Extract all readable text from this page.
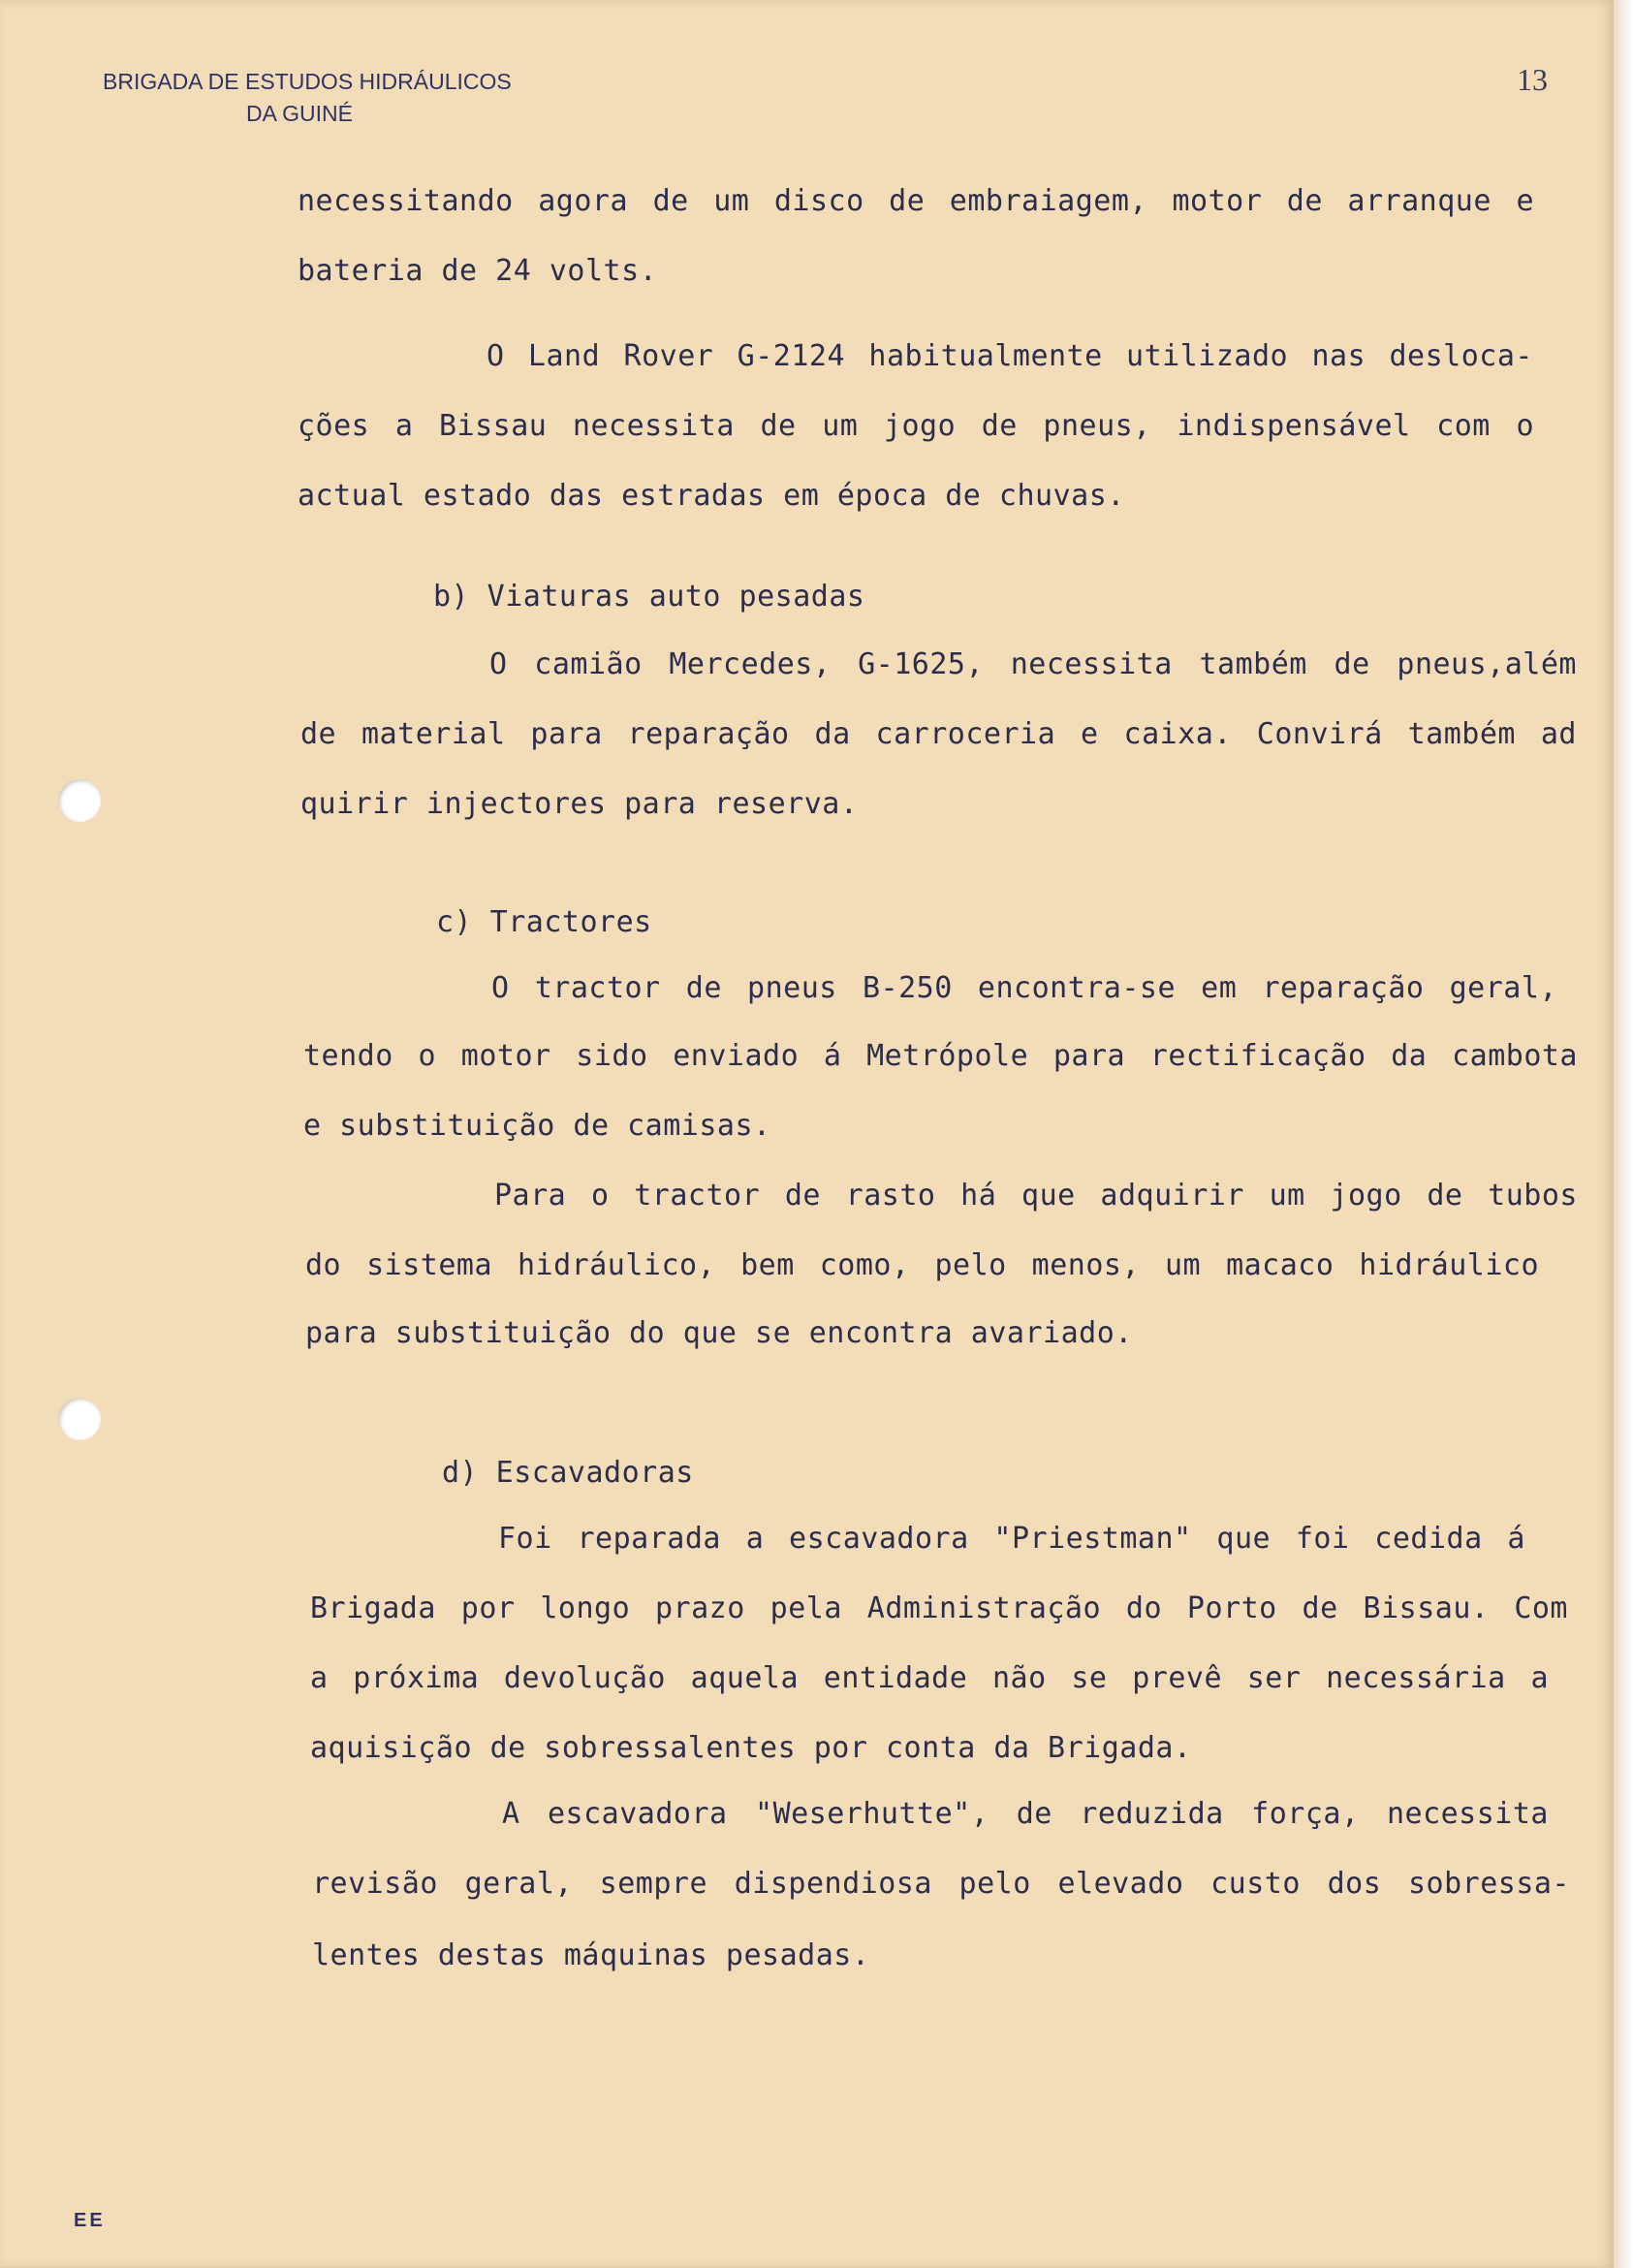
BRIGADA DE ESTUDOS HIDRÁULICOS
DA GUINÉ
13
necessitando agora de um disco de embraiagem, motor de arranque e
bateria de 24 volts.
O Land Rover G-2124 habitualmente utilizado nas desloca-
ções a Bissau necessita de um jogo de pneus, indispensável com o
actual estado das estradas em época de chuvas.
b) Viaturas auto pesadas
O camião Mercedes, G-1625, necessita também de pneus,além
de material para reparação da carroceria e caixa. Convirá também ad
quirir injectores para reserva.
c) Tractores
O tractor de pneus B-250 encontra-se em reparação geral,
tendo o motor sido enviado á Metrópole para rectificação da cambota
e substituição de camisas.
Para o tractor de rasto há que adquirir um jogo de tubos
do sistema hidráulico, bem como, pelo menos, um macaco hidráulico
para substituição do que se encontra avariado.
d) Escavadoras
Foi reparada a escavadora "Priestman" que foi cedida á
Brigada por longo prazo pela Administração do Porto de Bissau. Com
a próxima devolução aquela entidade não se prevê ser necessária a
aquisição de sobressalentes por conta da Brigada.
A escavadora "Weserhutte", de reduzida força, necessita
revisão geral, sempre dispendiosa pelo elevado custo dos sobressa-
lentes destas máquinas pesadas.
EE
